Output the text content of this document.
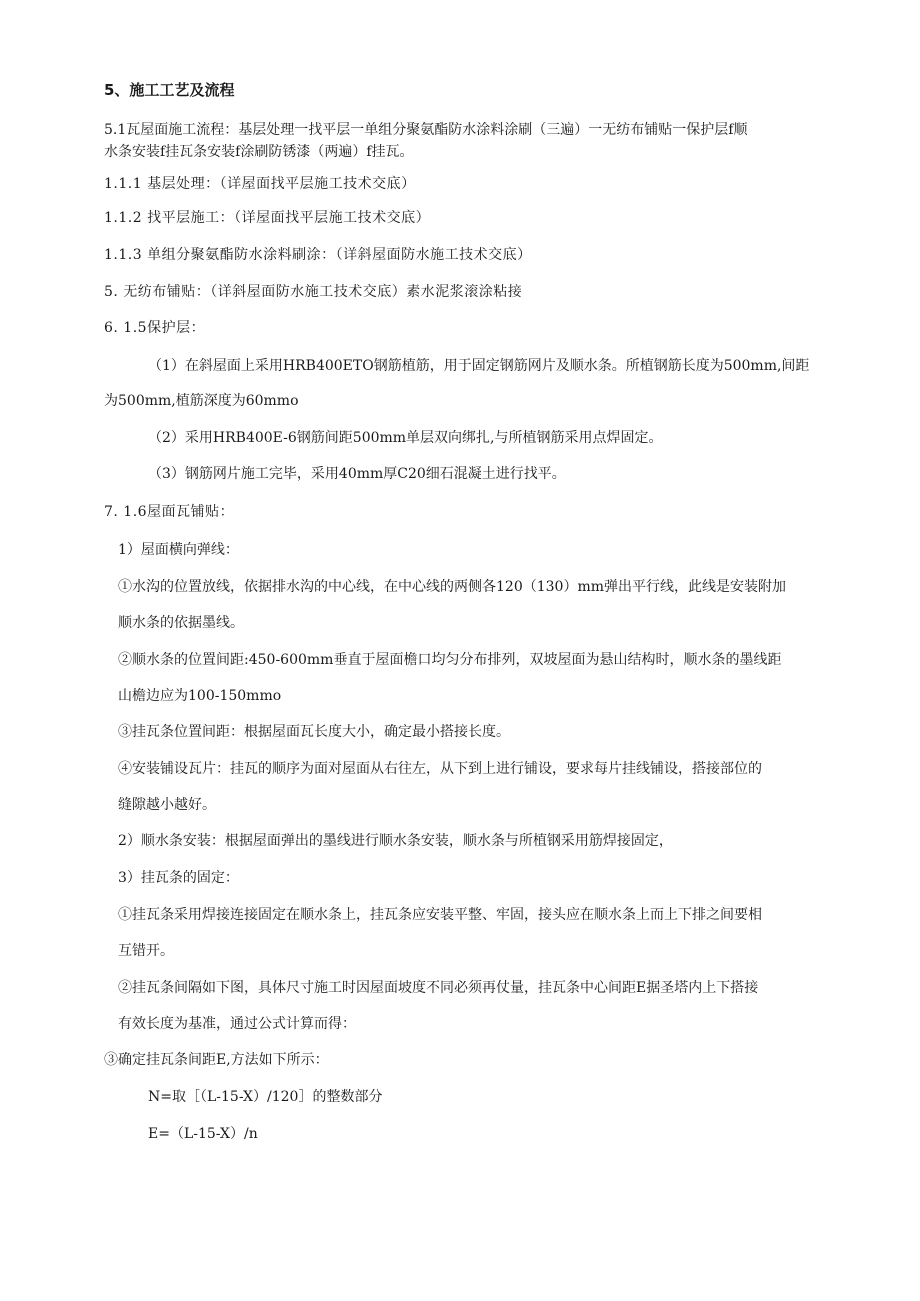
5、施工工艺及流程
5.1瓦屋面施工流程：基层处理一找平层一单组分聚氨酯防水涂料涂刷（三遍）一无纺布铺贴一保护层f顺
水条安装f挂瓦条安装f涂刷防锈漆（两遍）f挂瓦。
1.1.1 基层处理：（详屋面找平层施工技术交底）
1.1.2 找平层施工：（详屋面找平层施工技术交底）
1.1.3 单组分聚氨酯防水涂料刷涂：（详斜屋面防水施工技术交底）
5. 无纺布铺贴：（详斜屋面防水施工技术交底）素水泥浆滚涂粘接
6. 1.5保护层：
（1）在斜屋面上采用HRB400ETO钢筋植筋，用于固定钢筋网片及顺水条。所植钢筋长度为500mm,间距
为500mm,植筋深度为60mmo
（2）采用HRB400E-6钢筋间距500mm单层双向绑扎,与所植钢筋采用点焊固定。
（3）钢筋网片施工完毕，采用40mm厚C20细石混凝土进行找平。
7. 1.6屋面瓦铺贴：
1）屋面横向弹线：
①水沟的位置放线，依据排水沟的中心线，在中心线的两侧各120（130）mm弹出平行线，此线是安装附加
顺水条的依据墨线。
②顺水条的位置间距:450-600mm垂直于屋面檐口均匀分布排列，双坡屋面为悬山结构时，顺水条的墨线距
山檐边应为100-150mmo
③挂瓦条位置间距：根据屋面瓦长度大小，确定最小搭接长度。
④安装铺设瓦片：挂瓦的顺序为面对屋面从右往左，从下到上进行铺设，要求每片挂线铺设，搭接部位的
缝隙越小越好。
2）顺水条安装：根据屋面弹出的墨线进行顺水条安装，顺水条与所植钢采用筋焊接固定，
3）挂瓦条的固定：
①挂瓦条采用焊接连接固定在顺水条上，挂瓦条应安装平整、牢固，接头应在顺水条上而上下排之间要相
互错开。
②挂瓦条间隔如下图，具体尺寸施工时因屋面坡度不同必须再仗量，挂瓦条中心间距E据圣塔内上下搭接
有效长度为基准，通过公式计算而得：
③确定挂瓦条间距E,方法如下所示：
N=取［（L-15-X）/120］的整数部分
E=（L-15-X）/n
